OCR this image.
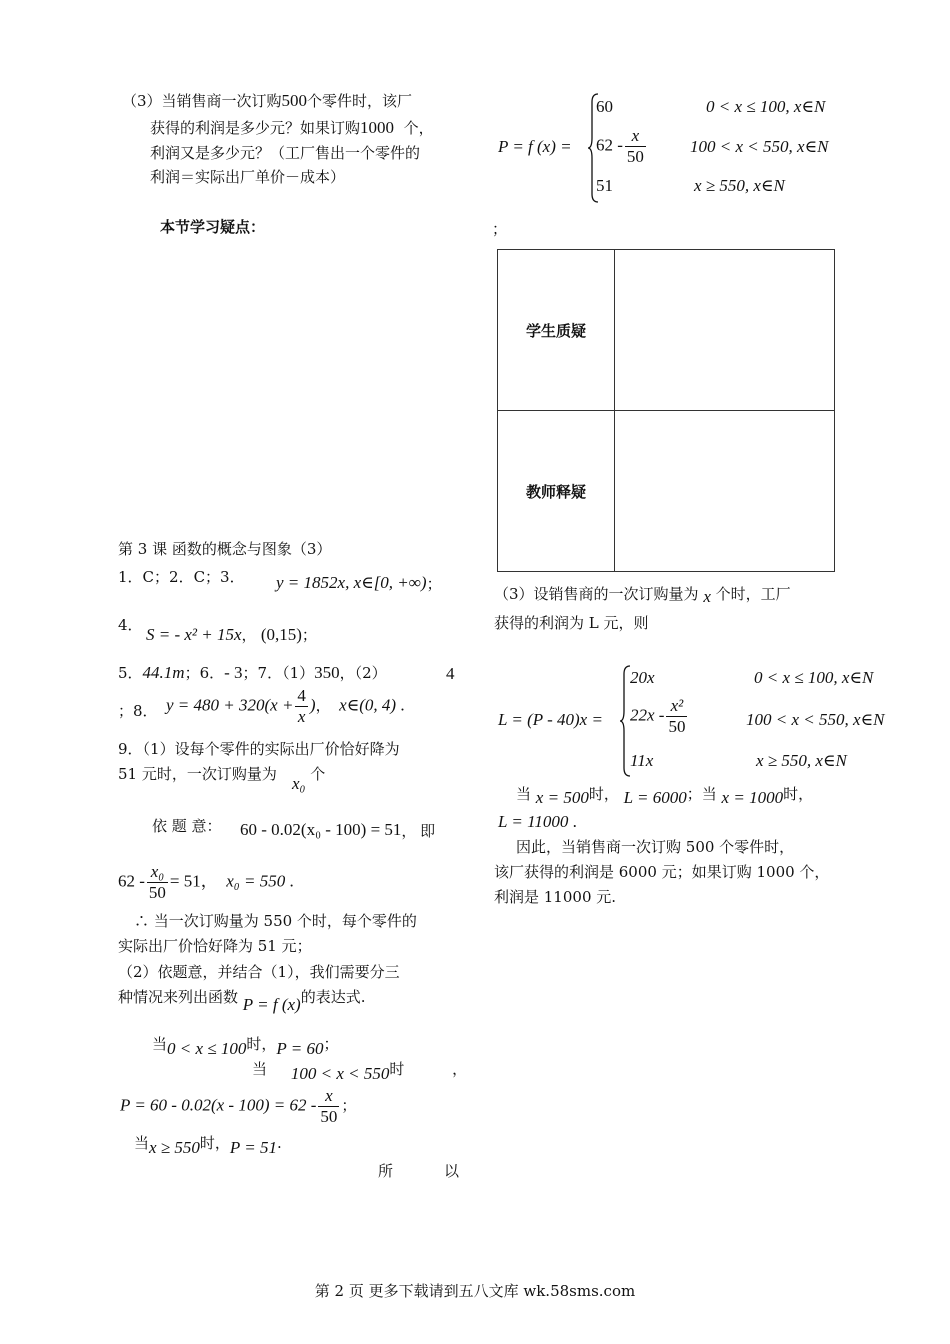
（3）当销售商一次订购500个零件时，该厂
获得的利润是多少元？如果订购1000 个，
利润又是多少元？（工厂售出一个零件的
利润＝实际出厂单价－成本）
本节学习疑点：
第 3 课 函数的概念与图象（3）
1．C；2．C；3． y = 1852x, x∈[0, +∞)；
4． S = - x² + 15x， (0,15)；
5．44.1m；6．- 3；7．（1）350，（2）	4
；8． $y = 480 + 320(x + \frac{4}{x}$ )， x∈(0, 4) .
9．（1）设每个零件的实际出厂价恰好降为
51 元时，一次订购量为 个
x₀
依 题 意： 60 - 0.02(x₀ - 100) = 51， 即
$62 - \frac{\text{x₀}}{50} = 51$， x₀ = 550 .
∴ 当一次订购量为 550 个时，每个零件的
实际出厂价恰好降为 51 元；
（2）依题意，并结合（1），我们需要分三
种情况来列出函数 P = f (x)的表达式.
当0 < x ≤ 100时，P = 60；
当 100 < x < 550时	，
$P = 60 - 0.02(x - 100) = 62 - \frac{x}{50}$ ；
当x ≥ 550时，P = 51.
所	以
P = f (x) =
60	0 < x ≤ 100, x∈N
$62 - \frac{x}{50}$	100 < x < 550, x∈N
51	x ≥ 550, x∈N
；
学生质疑	
教师释疑	
（3）设销售商的一次订购量为 x 个时，工厂
获得的利润为 L 元，则
L = (P - 40)x =
20x	0 < x ≤ 100, x∈N
$22x - \frac{\text{x²}}{50}$	100 < x < 550, x∈N
11x	x ≥ 550, x∈N
当 x = 500时， L = 6000；当 x = 1000时，
L = 11000 .
因此，当销售商一次订购 500 个零件时，
该厂获得的利润是 6000 元；如果订购 1000 个，
利润是 11000 元.
第 2 页 更多下载请到五八文库 wk.58sms.com
